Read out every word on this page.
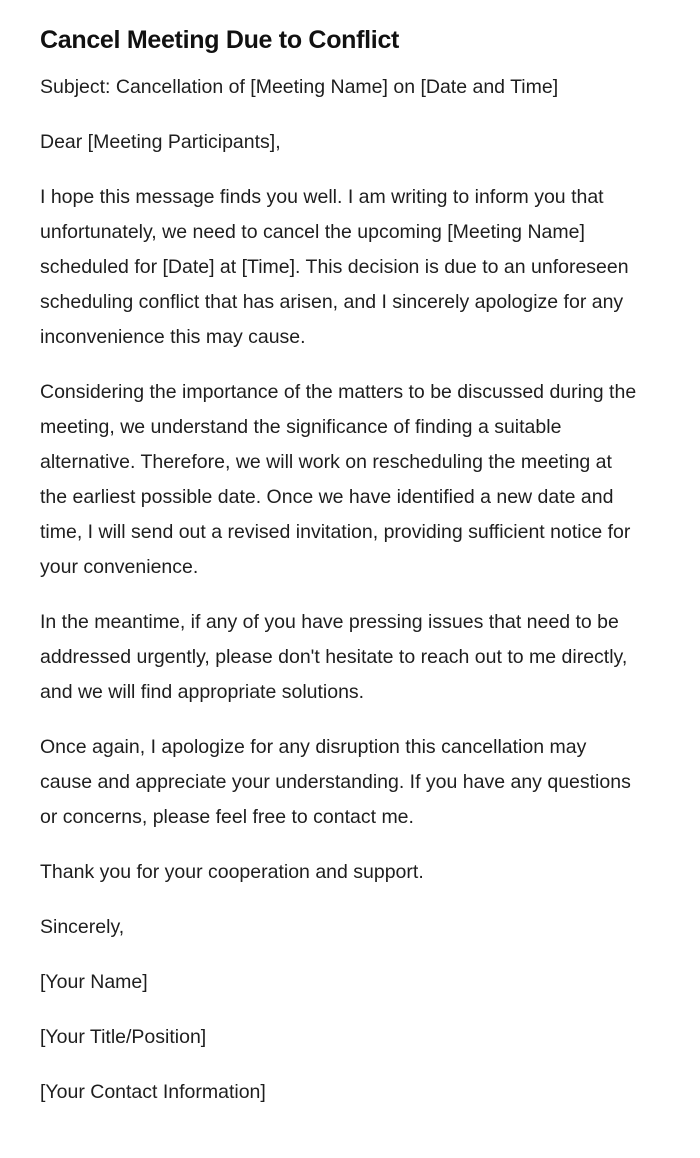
Cancel Meeting Due to Conflict

Subject: Cancellation of [Meeting Name] on [Date and Time]

Dear [Meeting Participants],

I hope this message finds you well. I am writing to inform you that unfortunately, we need to cancel the upcoming [Meeting Name] scheduled for [Date] at [Time]. This decision is due to an unforeseen scheduling conflict that has arisen, and I sincerely apologize for any inconvenience this may cause.

Considering the importance of the matters to be discussed during the meeting, we understand the significance of finding a suitable alternative. Therefore, we will work on rescheduling the meeting at the earliest possible date. Once we have identified a new date and time, I will send out a revised invitation, providing sufficient notice for your convenience.

In the meantime, if any of you have pressing issues that need to be addressed urgently, please don't hesitate to reach out to me directly, and we will find appropriate solutions.

Once again, I apologize for any disruption this cancellation may cause and appreciate your understanding. If you have any questions or concerns, please feel free to contact me.

Thank you for your cooperation and support.

Sincerely,

[Your Name]

[Your Title/Position]

[Your Contact Information]
